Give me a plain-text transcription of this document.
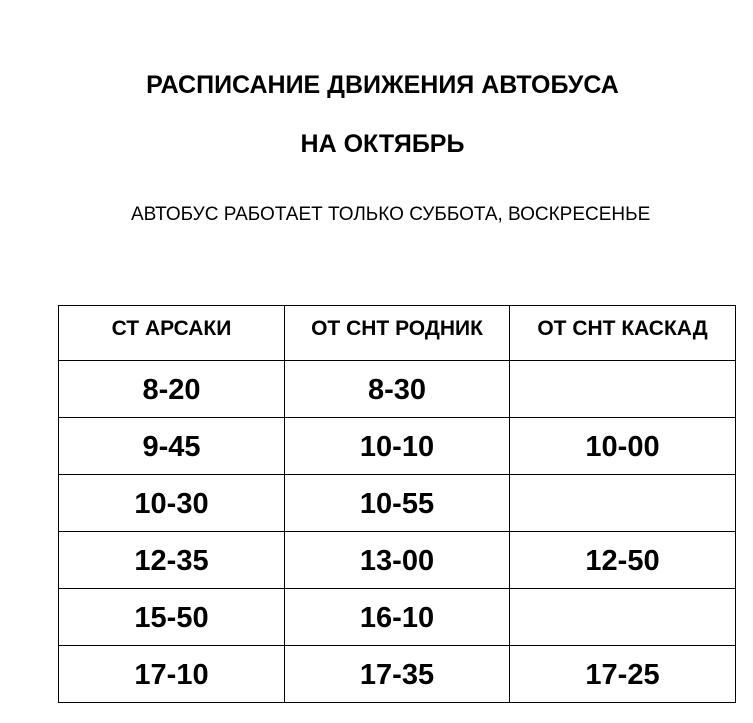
РАСПИСАНИЕ ДВИЖЕНИЯ АВТОБУСА
НА ОКТЯБРЬ
АВТОБУС РАБОТАЕТ ТОЛЬКО СУББОТА, ВОСКРЕСЕНЬЕ
СТ АРСАКИ	ОТ СНТ РОДНИК	ОТ СНТ КАСКАД
8-20	8-30	
9-45	10-10	10-00
10-30	10-55	
12-35	13-00	12-50
15-50	16-10	
17-10	17-35	17-25
